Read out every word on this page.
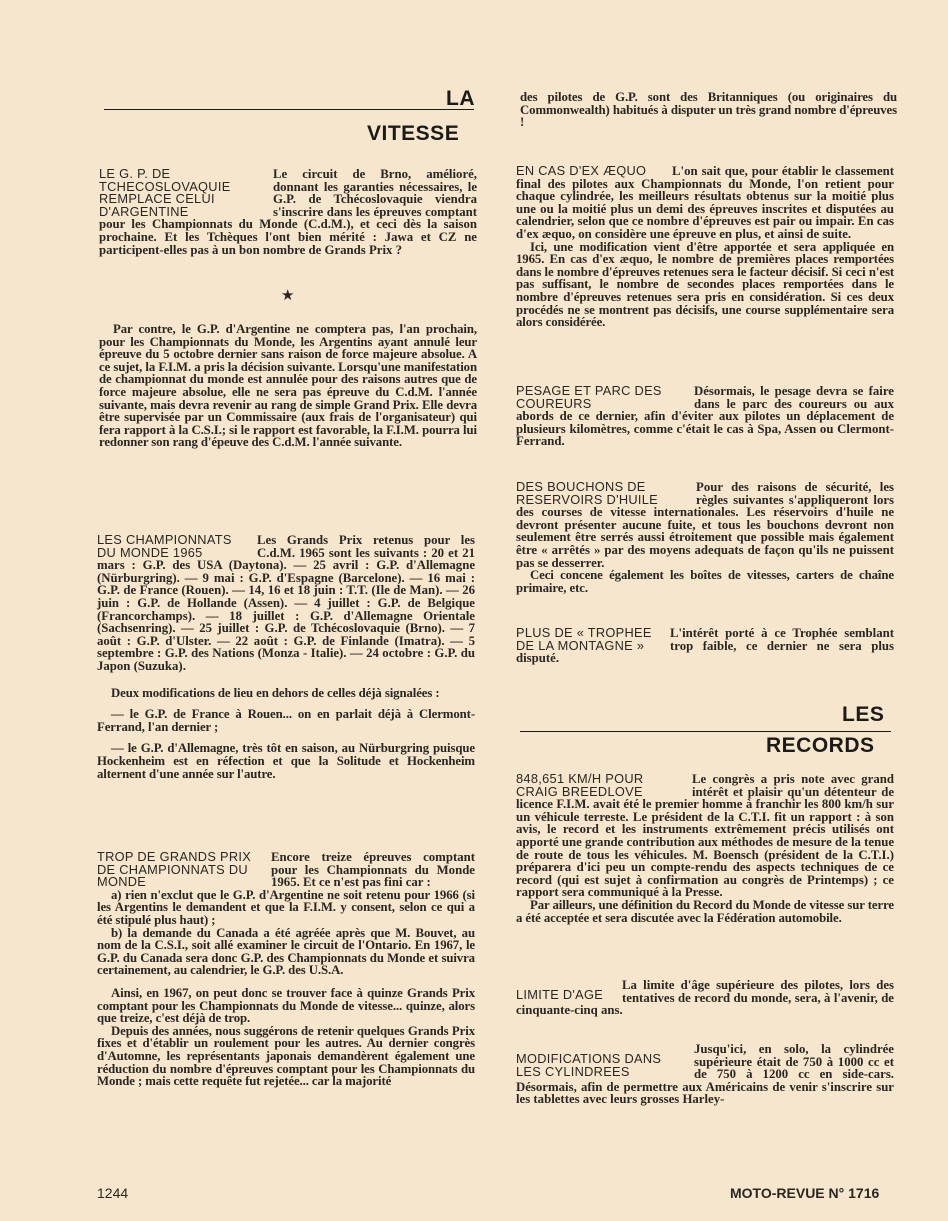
LA
VITESSE
LE G. P. DE TCHECOSLOVAQUIE REMPLACE CELUI D'ARGENTINE
Le circuit de Brno, amélioré, donnant les garanties nécessaires, le G.P. de Tchécoslovaquie viendra s'inscrire dans les épreuves comptant pour les Championnats du Monde (C.d.M.), et ceci dès la saison prochaine. Et les Tchèques l'ont bien mérité : Jawa et CZ ne participent-elles pas à un bon nombre de Grands Prix ?
★

Par contre, le G.P. d'Argentine ne comptera pas, l'an prochain, pour les Championnats du Monde, les Argentins ayant annulé leur épreuve du 5 octobre dernier sans raison de force majeure absolue. A ce sujet, la F.I.M. a pris la décision suivante. Lorsqu'une manifestation de championnat du monde est annulée pour des raisons autres que de force majeure absolue, elle ne sera pas épreuve du C.d.M. l'année suivante, mais devra revenir au rang de simple Grand Prix. Elle devra être supervisée par un Commissaire (aux frais de l'organisateur) qui fera rapport à la C.S.I.; si le rapport est favorable, la F.I.M. pourra lui redonner son rang d'épeuve des C.d.M. l'année suivante.

LES CHAMPIONNATS DU MONDE 1965
Les Grands Prix retenus pour les C.d.M. 1965 sont les suivants : 20 et 21 mars : G.P. des USA (Daytona). — 25 avril : G.P. d'Allemagne (Nürburgring). — 9 mai : G.P. d'Espagne (Barcelone). — 16 mai : G.P. de France (Rouen). — 14, 16 et 18 juin : T.T. (Ile de Man). — 26 juin : G.P. de Hollande (Assen). — 4 juillet : G.P. de Belgique (Francorchamps). — 18 juillet : G.P. d'Allemagne Orientale (Sachsenring). — 25 juillet : G.P. de Tchécoslovaquie (Brno). — 7 août : G.P. d'Ulster. — 22 août : G.P. de Finlande (Imatra). — 5 septembre : G.P. des Nations (Monza - Italie). — 24 octobre : G.P. du Japon (Suzuka).

Deux modifications de lieu en dehors de celles déjà signalées :

— le G.P. de France à Rouen... on en parlait déjà à Clermont-Ferrand, l'an dernier ;

— le G.P. d'Allemagne, très tôt en saison, au Nürburgring puisque Hockenheim est en réfection et que la Solitude et Hockenheim alternent d'une année sur l'autre.

TROP DE GRANDS PRIX DE CHAMPIONNATS DU MONDE
Encore treize épreuves comptant pour les Championnats du Monde 1965. Et ce n'est pas fini car :

a) rien n'exclut que le G.P. d'Argentine ne soit retenu pour 1966 (si les Argentins le demandent et que la F.I.M. y consent, selon ce qui a été stipulé plus haut) ;

b) la demande du Canada a été agréée après que M. Bouvet, au nom de la C.S.I., soit allé examiner le circuit de l'Ontario. En 1967, le G.P. du Canada sera donc G.P. des Championnats du Monde et suivra certainement, au calendrier, le G.P. des U.S.A.

Ainsi, en 1967, on peut donc se trouver face à quinze Grands Prix comptant pour les Championnats du Monde de vitesse... quinze, alors que treize, c'est déjà de trop.

Depuis des années, nous suggérons de retenir quelques Grands Prix fixes et d'établir un roulement pour les autres. Au dernier congrès d'Automne, les représentants japonais demandèrent également une réduction du nombre d'épreuves comptant pour les Championnats du Monde ; mais cette requête fut rejetée... car la majorité

1244

des pilotes de G.P. sont des Britanniques (ou originaires du Commonwealth) habitués à disputer un très grand nombre d'épreuves !

EN CAS D'EX ÆQUO	L'on sait que, pour établir le classement final des pilotes aux Championnats du Monde, l'on retient pour chaque cylindrée, les meilleurs résultats obtenus sur la moitié plus une ou la moitié plus un demi des épreuves inscrites et disputées au calendrier, selon que ce nombre d'épreuves est pair ou impair. En cas d'ex æquo, on considère une épreuve en plus, et ainsi de suite.

Ici, une modification vient d'être apportée et sera appliquée en 1965. En cas d'ex æquo, le nombre de premières places remportées dans le nombre d'épreuves retenues sera le facteur décisif. Si ceci n'est pas suffisant, le nombre de secondes places remportées dans le nombre d'épreuves retenues sera pris en considération. Si ces deux procédés ne se montrent pas décisifs, une course supplémentaire sera alors considérée.

PESAGE ET PARC DES COUREURS
Désormais, le pesage devra se faire dans le parc des coureurs ou aux abords de ce dernier, afin d'éviter aux pilotes un déplacement de plusieurs kilomètres, comme c'était le cas à Spa, Assen ou Clermont-Ferrand.
DES BOUCHONS DE RESERVOIRS D'HUILE
Pour des raisons de sécurité, les règles suivantes s'appliqueront lors des courses de vitesse internationales. Les réservoirs d'huile ne devront présenter aucune fuite, et tous les bouchons devront non seulement être serrés aussi étroitement que possible mais également être « arrêtés » par des moyens adequats de façon qu'ils ne puissent pas se desserrer.

Ceci concene également les boîtes de vitesses, carters de chaîne primaire, etc.

PLUS DE « TROPHEE DE LA MONTAGNE »
L'intérêt porté à ce Trophée semblant trop faible, ce dernier ne sera plus disputé.
LES
RECORDS
848,651 KM/H POUR CRAIG BREEDLOVE
Le congrès a pris note avec grand intérêt et plaisir qu'un détenteur de licence F.I.M. avait été le premier homme à franchir les 800 km/h sur un véhicule terreste. Le président de la C.T.I. fit un rapport : à son avis, le record et les instruments extrêmement précis utilisés ont apporté une grande contribution aux méthodes de mesure de la tenue de route de tous les véhicules. M. Boensch (président de la C.T.I.) préparera d'ici peu un compte-rendu des aspects techniques de ce record (qui est sujet à confirmation au congrès de Printemps) ; ce rapport sera communiqué à la Presse.

Par ailleurs, une définition du Record du Monde de vitesse sur terre a été acceptée et sera discutée avec la Fédération automobile.

LIMITE D'AGE
La limite d'âge supérieure des pilotes, lors des tentatives de record du monde, sera, à l'avenir, de cinquante-cinq ans.
MODIFICATIONS DANS LES CYLINDREES
Jusqu'ici, en solo, la cylindrée supérieure était de 750 à 1000 cc et de 750 à 1200 cc en side-cars. Désormais, afin de permettre aux Américains de venir s'inscrire sur les tablettes avec leurs grosses Harley-
MOTO-REVUE N° 1716
